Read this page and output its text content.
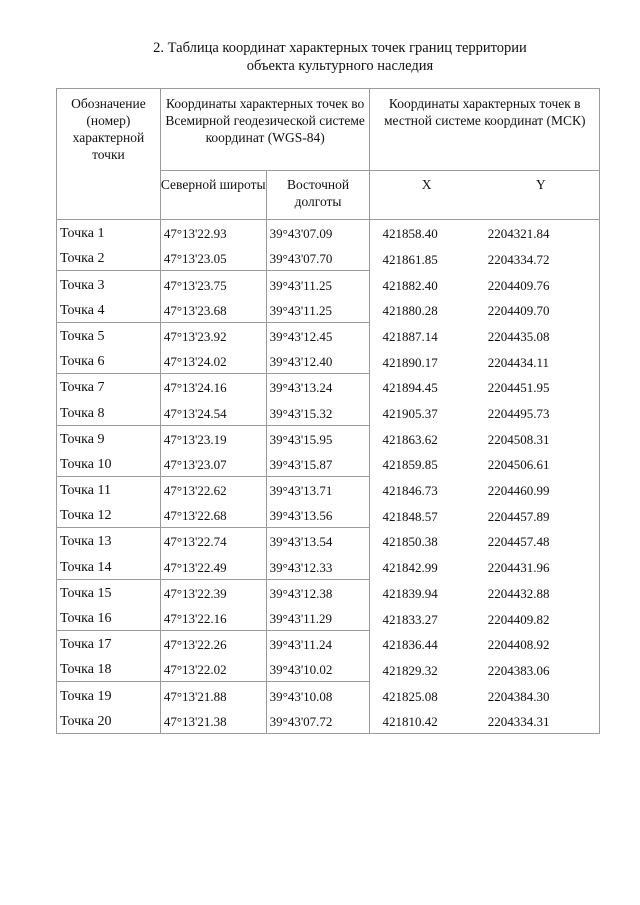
2. Таблица координат характерных точек границ территории
объекта культурного наследия
Обозначение (номер) характерной точки	Координаты характерных точек во Всемирной геодезической системе координат (WGS-84)		Координаты характерных точек в местной системе координат (МСК)	
	Северной широты	Восточной долготы	X	Y
Точка 1	47°13'22.93	39°43'07.09	421858.40	2204321.84
Точка 2	47°13'23.05	39°43'07.70	421861.85	2204334.72
Точка 3	47°13'23.75	39°43'11.25	421882.40	2204409.76
Точка 4	47°13'23.68	39°43'11.25	421880.28	2204409.70
Точка 5	47°13'23.92	39°43'12.45	421887.14	2204435.08
Точка 6	47°13'24.02	39°43'12.40	421890.17	2204434.11
Точка 7	47°13'24.16	39°43'13.24	421894.45	2204451.95
Точка 8	47°13'24.54	39°43'15.32	421905.37	2204495.73
Точка 9	47°13'23.19	39°43'15.95	421863.62	2204508.31
Точка 10	47°13'23.07	39°43'15.87	421859.85	2204506.61
Точка 11	47°13'22.62	39°43'13.71	421846.73	2204460.99
Точка 12	47°13'22.68	39°43'13.56	421848.57	2204457.89
Точка 13	47°13'22.74	39°43'13.54	421850.38	2204457.48
Точка 14	47°13'22.49	39°43'12.33	421842.99	2204431.96
Точка 15	47°13'22.39	39°43'12.38	421839.94	2204432.88
Точка 16	47°13'22.16	39°43'11.29	421833.27	2204409.82
Точка 17	47°13'22.26	39°43'11.24	421836.44	2204408.92
Точка 18	47°13'22.02	39°43'10.02	421829.32	2204383.06
Точка 19	47°13'21.88	39°43'10.08	421825.08	2204384.30
Точка 20	47°13'21.38	39°43'07.72	421810.42	2204334.31
